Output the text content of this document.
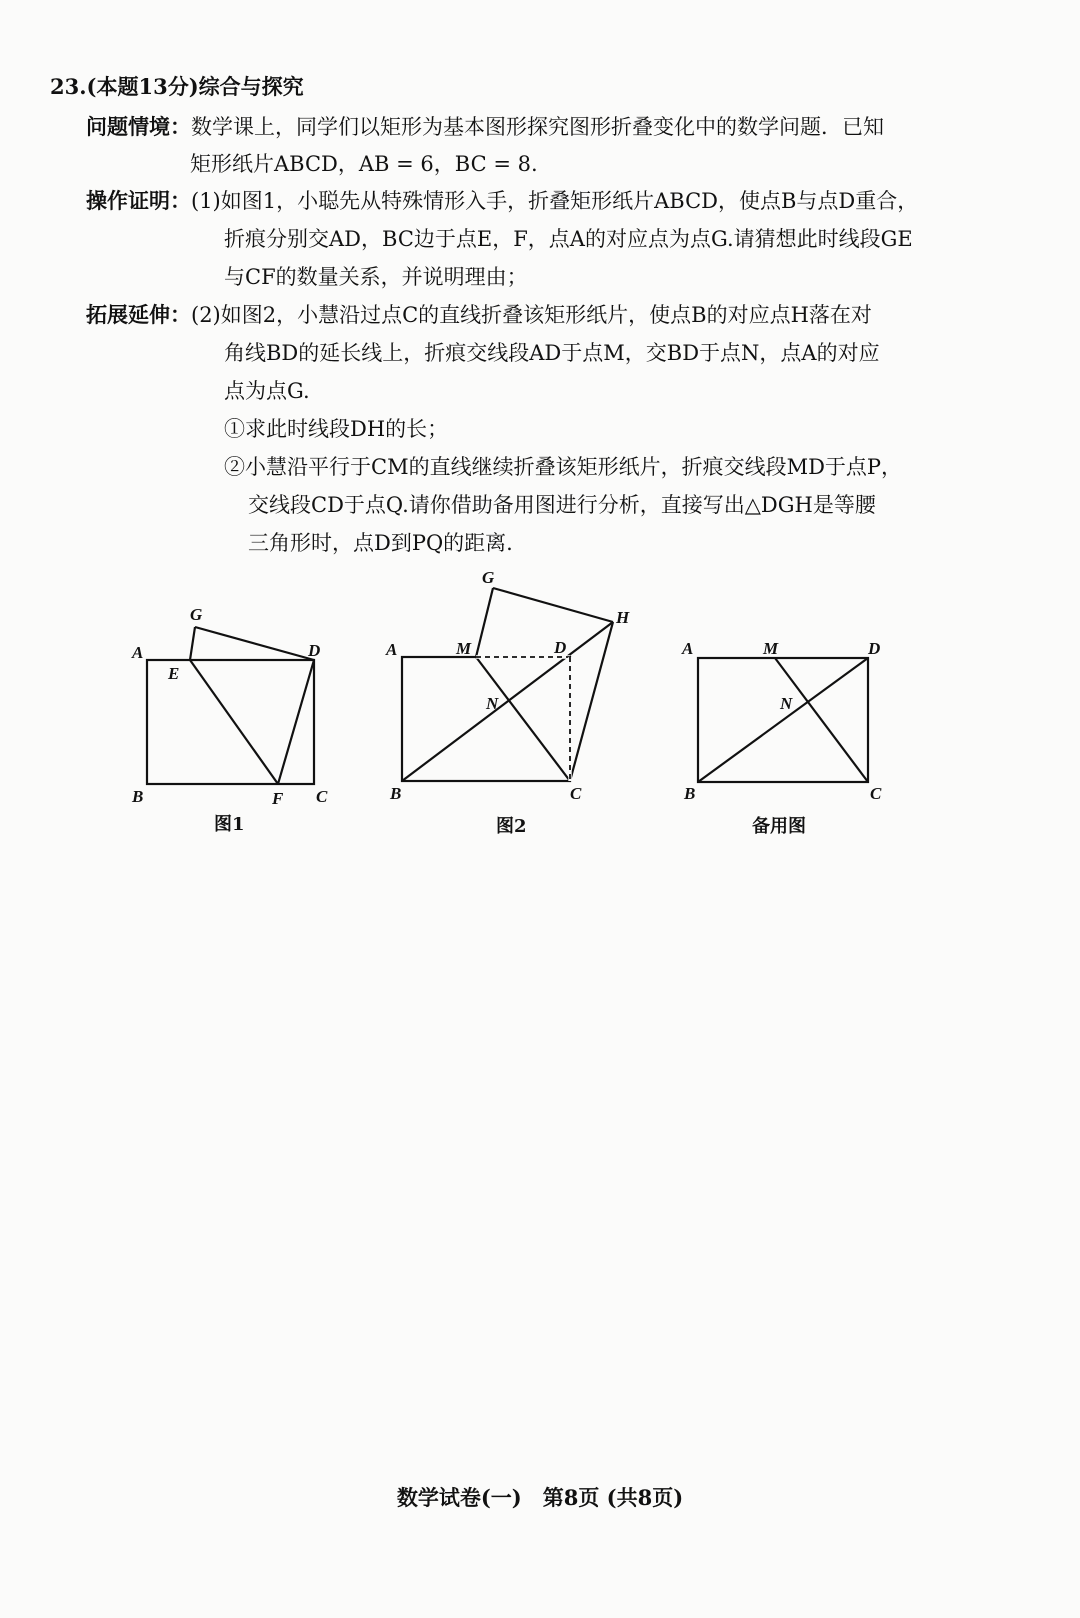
23.(本题13分)综合与探究
问题情境：数学课上，同学们以矩形为基本图形探究图形折叠变化中的数学问题．已知
矩形纸片ABCD，AB = 6，BC = 8.
操作证明：(1)如图1，小聪先从特殊情形入手，折叠矩形纸片ABCD，使点B与点D重合，
折痕分别交AD，BC边于点E，F，点A的对应点为点G.请猜想此时线段GE
与CF的数量关系，并说明理由；
拓展延伸：(2)如图2，小慧沿过点C的直线折叠该矩形纸片，使点B的对应点H落在对
角线BD的延长线上，折痕交线段AD于点M，交BD于点N，点A的对应
点为点G.
①求此时线段DH的长；
②小慧沿平行于CM的直线继续折叠该矩形纸片，折痕交线段MD于点P，
交线段CD于点Q.请你借助备用图进行分析，直接写出△DGH是等腰
三角形时，点D到PQ的距离.
A
B	C
D
E
F
G
图1
A
B	C
D
G
H
M
N
图2
A
B	C
D
M
N
备用图
数学试卷(一)　第8页 (共8页)
